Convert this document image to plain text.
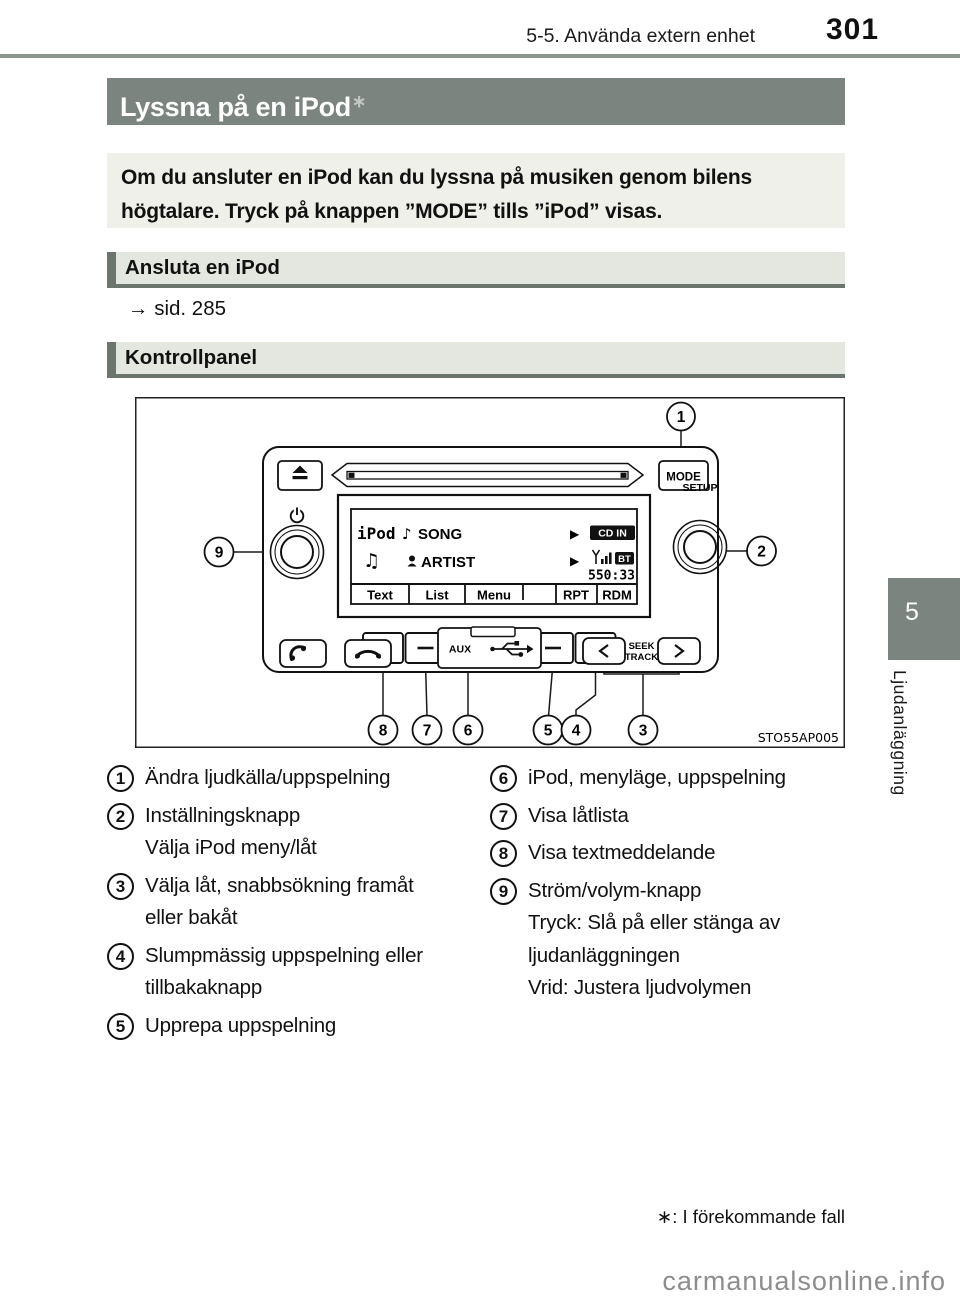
5-5. Använda extern enhet 301
Lyssna på en iPod∗
Om du ansluter en iPod kan du lyssna på musiken genom bilens
högtalare. Tryck på knappen ”MODE” tills ”iPod” visas.
Ansluta en iPod
→ sid. 285
Kontrollpanel
MODE
iPod ♪ SONG	▶ CD IN
♫	ARTIST	▶	BT
550:33
Text	List Menu	RPT RDM
SETUP
AUX	SEEK
TRACK
1
9	2
8 7 6	5 4	3	STO55AP005
1 Ändra ljudkälla/uppspelning
2 Inställningsknapp
Välja iPod meny/låt
3 Välja låt, snabbsökning framåt
eller bakåt
4 Slumpmässig uppspelning eller
tillbakaknapp
5 Upprepa uppspelning
6 iPod, menyläge, uppspelning
7 Visa låtlista
8 Visa textmeddelande
9 Ström/volym-knapp
Tryck: Slå på eller stänga av
ljudanläggningen
Vrid: Justera ljudvolymen
∗: I förekommande fall
carmanualsonline.info
5
Ljudanläggning
